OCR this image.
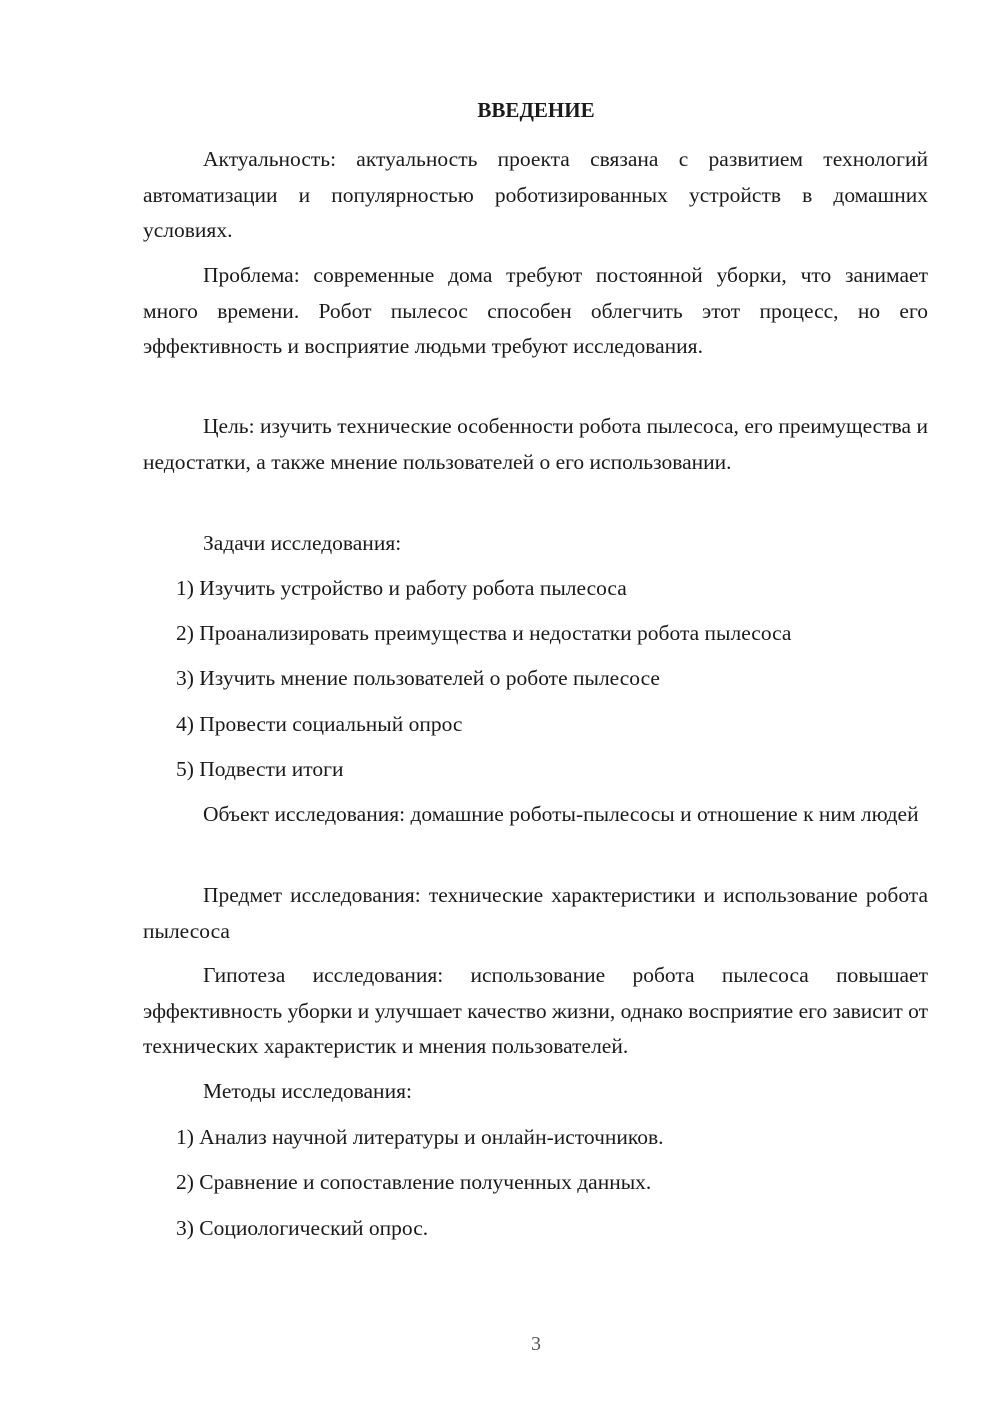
ВВЕДЕНИЕ

Актуальность: актуальность проекта связана с развитием технологий автоматизации и популярностью роботизированных устройств в домашних условиях.

Проблема: современные дома требуют постоянной уборки, что занимает много времени. Робот пылесос способен облегчить этот процесс, но его эффективность и восприятие людьми требуют исследования.

Цель: изучить технические особенности робота пылесоса, его преимущества и недостатки, а также мнение пользователей о его использовании.

Задачи исследования:

1) Изучить устройство и работу робота пылесоса

2) Проанализировать преимущества и недостатки робота пылесоса

3) Изучить мнение пользователей о роботе пылесосе

4) Провести социальный опрос

5) Подвести итоги

Объект исследования: домашние роботы-пылесосы и отношение к ним людей

Предмет исследования: технические характеристики и использование робота пылесоса

Гипотеза исследования: использование робота пылесоса повышает эффективность уборки и улучшает качество жизни, однако восприятие его зависит от технических характеристик и мнения пользователей.

Методы исследования:

1) Анализ научной литературы и онлайн-источников.

2) Сравнение и сопоставление полученных данных.

3) Социологический опрос.

3
